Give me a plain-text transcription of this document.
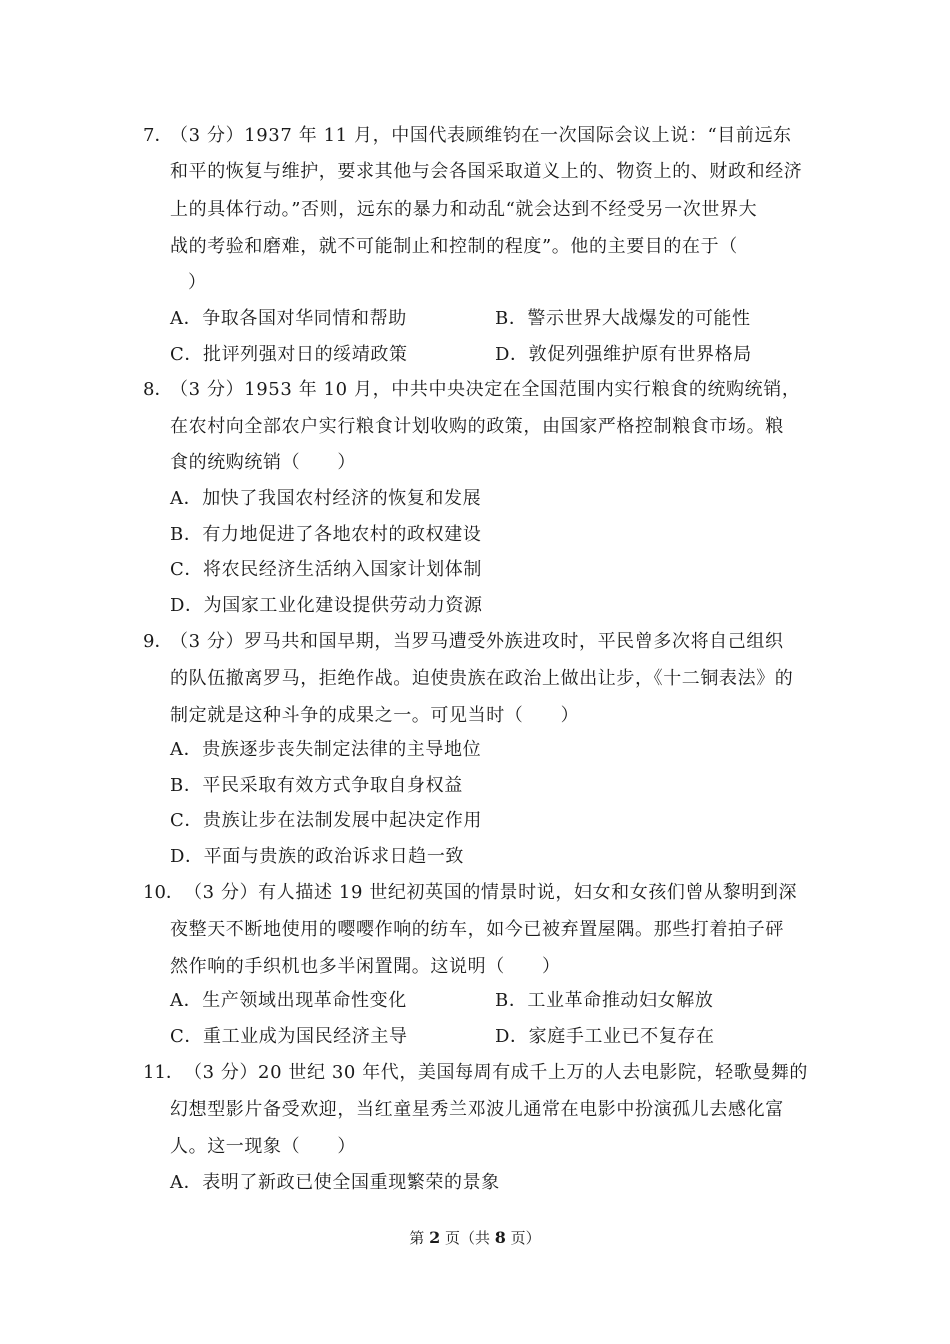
7．
（3 分）1937 年 11 月，中国代表顾维钧在一次国际会议上说：“目前远东
和平的恢复与维护，要求其他与会各国采取道义上的、物资上的、财政和经济
上的具体行动。”否则，远东的暴力和动乱“就会达到不经受另一次世界大
战的考验和磨难，就不可能制止和控制的程度”。他的主要目的在于（
）
A．争取各国对华同情和帮助	B．警示世界大战爆发的可能性
C．批评列强对日的绥靖政策	D．敦促列强维护原有世界格局
8．
（3 分）1953 年 10 月，中共中央决定在全国范围内实行粮食的统购统销，
在农村向全部农户实行粮食计划收购的政策，由国家严格控制粮食市场。粮
食的统购统销（　　）
A．加快了我国农村经济的恢复和发展
B．有力地促进了各地农村的政权建设
C．将农民经济生活纳入国家计划体制
D．为国家工业化建设提供劳动力资源
9．
（3 分）罗马共和国早期，当罗马遭受外族进攻时，平民曾多次将自己组织
的队伍撤离罗马，拒绝作战。迫使贵族在政治上做出让步，《十二铜表法》的
制定就是这种斗争的成果之一。可见当时（　　）
A．贵族逐步丧失制定法律的主导地位
B．平民采取有效方式争取自身权益
C．贵族让步在法制发展中起决定作用
D．平面与贵族的政治诉求日趋一致
10． （3 分）有人描述 19 世纪初英国的情景时说，妇女和女孩们曾从黎明到深
夜整天不断地使用的嘤嘤作响的纺车，如今已被弃置屋隅。那些打着拍子砰
然作响的手织机也多半闲置聞。这说明（　　）
A．生产领域出现革命性变化	B．工业革命推动妇女解放
C．重工业成为国民经济主导	D．家庭手工业已不复存在
11． （3 分）20 世纪 30 年代，美国每周有成千上万的人去电影院，轻歌曼舞的
幻想型影片备受欢迎，当红童星秀兰邓波儿通常在电影中扮演孤儿去感化富
人。这一现象（　　）
A．表明了新政已使全国重现繁荣的景象
第 2 页（共 8 页）
